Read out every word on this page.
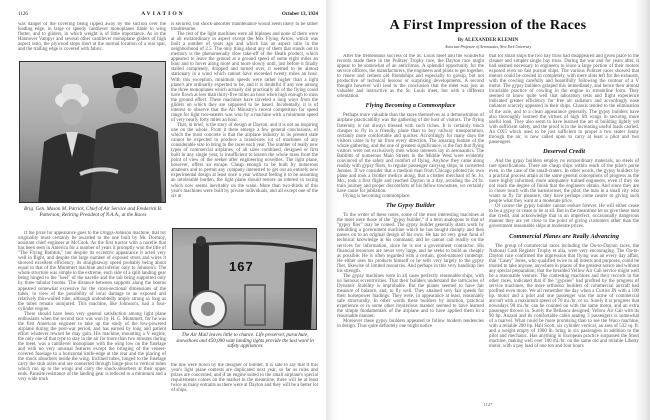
1126	AVIATION	October 13, 1924

was danger of the covering being ripped away by the suction over the leading edge, in large or speedy cantilever monoplanes liable to wing flutter, and to gliders, in which weight is of little importance. As in the Hannover Vampyr and several other cantilever monoplane gliders of high aspect ratio, the plywood stops short at the normal location of a rear spar, and the trailing edge is covered with fabric.

Brig. Gen. Mason M. Patrick, Chief of Air Service and Frederick B. Patterson, Retiring President of N.A.A., at the Races

If the prize for appearance goes to the Driggs-Johnson machine, that for originality must certainly be awarded to the one built by Mr. Dormoy, assistant chief engineer at McCook. As the first tractor with a nacelle that has been seen in America for a number of years it promptly won the title of "The Flying Bathtub," but despite its eccentric appearance it acted very well in flight, and despite the large number of exposed struts and wires it showed excellent efficiency, its straightaway speed probably being about equal to that of the Mummert machine and inferior only to Johnson's. The whole structure was simple in the extreme, each side of a split landing gear being hinged to the "keel" of the nacelle and the tail being supported only by three tubular booms. The distance between supports along the booms appeared somewhat excessive for the cross-sectional dimensions of the tubes, in view of the possibility of local damage to an exposed and relatively thin-walled tube, although undoubtedly amply strong so long as the tubes remain uninjured. This machine, like Johnson's, had a four-cylinder engine.

There should have been very general satisfaction among light plane enthusiasts when the second race was won by H. C. Mummert, for he was the first American engineer to take up the study of the low-powered airplane during the post-war period, and has earned by long and patient effort whatever reward he may gain. His machine, mounting a V engine, the only one of that type to stay in the air for more than two minutes during the meet, was a cantilever monoplane with the wing low on the fuselage and with no very unusual features except the bringing of the veneer-covered fuselage to a horizontal knife-edge at the rear and the placing of the shock absorbers inside the wing. Inclined tubes, hinged to the fuselage carry the stub axles and are connected through hinge-pins to vertical tubes which run up to the wings and carry the shock-absorbers at their upper ends. Parasite resistance of the landing gear is reduced to a minimum and a very wide track

is secured, but shock-absorber maintenance would seem likely to be rather troublesome.

The rest of the light machines were all biplanes and none of them were at all extraordinary in aspect except the Mix Flying Arrow, which was built a number of years ago and which has an aspect ratio in the neighborhood of 2.5. The only thing about any of them that stands out in memory is the phenomenally slow take-off of the Heath product, which appeared to leave the ground at a ground speed of some eight miles an hour and to hover along more and more slowly until, just before it finally stalled completely, dropped and turned over, it seemed to be almost stationary in a wind which cannot have exceeded twenty miles an hour. With this exception, minimum speeds were rather higher than a light plane's are ordinarily expected to be, and it is doubtful if any one among the three monoplanes which actually did practically all of the flying could have flown at less than thirty-five miles an hour when high enough to miss the ground effect. These machines have traveled a long ways from the gliders on which they are supposed to be based. Incidentally, it is of interest to observe that the Air Ministry's recent competition for speed range for light two-seaters was won by a machine with a minimum speed of very nearly forty miles an hour.

That, in brief, is the story of design at Dayton, and it is not an inspiring one on the whole. From it there emerge a few general conclusions, of which the most concrete is that the airplane industry in its present state cannot be expected to produce a brand-new lot of machines of any considerable size to bring to the races each year. The number of really new types of commercial airplanes, of all sizes combined, designed or first built in any single year, is insufficient to leaven the whole mass from the point of view of the seeker after engineering novelties. The light plane, however, offers an escape. Cheap enough to be built by numerous amateurs and to permit any company interested to get out an entirely new experimental design at least once a year without feeling it to be assuming an intolerable burden, the light plane should restore an interest in racing which now seems inevitably on the wane. More than two-thirds of this year's machines were built by private individuals, and all except one of the six at

167
The Air Mail leaves little to chance. Life preserver, parachute, snowshoes and 450,000 watt landing lights provide the last word in safety appliances

the line were flown by the designer or builder. It is safe to say that if this year's light plane contests are duplicated next year, so far as rules and prizes are concerned, and if an engine suited to the small airplane's special requirements comes on the market in the meantime, there will be at least twice as many entrants as there were at Dayton and they will be a better lot of ships.

A First Impression of the Races
By ALEXANDER KLEMIN
Associate Professor of Aeronautics, New York University

After the tremendous success of the St. Louis meet and the wonderful records made there in the Pulitzer Trophy race, the Dayton race might appear to be somewhat of an anticlimax. A splendid opportunity for the service officers, the manufacturers, the engineers and pilots to get together, to renew and cement old friendships and especially to gossip, but not productive of technical lessons or surprising developments. A second thought however will lead to the conclusion that the meet was just as valuable and instructive as the St. Louis meet, but with a different orientation.

Flying Becoming a Commonplace

Perhaps more valuable than the races themselves as a demonstration of airplane practicability was the gathering of the host of visitors. The flying fraternity is not always blessed with such riches. It is certainly much cheaper to fly in a friendly plane than to buy railway transportation, certainly more comfortable and quicker. Accordingly for many days the visitors came in by air from every direction. The amazing feature of the whole gathering, and the one of greatest significance, is the fact that flying visitors were not exclusively men whose interests lay in aeronautics. The Babbitts of numerous Main Streets in the Middle West were evidently convinced of the safety and comfort of flying. Anyhow they came along readily with gypsy fliers, in regular passenger carrying ships, in converted Jennies. If we consider that a medical man from Chicago piloted his own plane and took a brother medico along, that a clothes merchant of St. Jo, Mo., took a first flight and reached Dayton in a day, avoiding the 24 hr. train journey and proper discomforts of his fellow townsmen, we certainly have cause for jubilation.

Flying is becoming commonplace.

The Gypsy Builder

To the writer of these notes, some of the most interesting machines at the meet were those of the "gypsy builder," if a term analogous to that of "gypsy flier" may be coined. The gypsy builder generally starts work by rebuilding a government machine which he has bought cheaply and then passes on to an original design of his own. He has no very great fund of technical knowledge at his command, and he cannot call readily on the services for information, since he is not a government contractor. His financial resources are never very large, and he seeks to build as cheaply as possible. He is often regarded with a certain, good-natured contempt. He either uses his products himself or he sells very largely to the gypsy flier, likewise of limited resources. And perhaps in this very handicap lies his strength.

The gypsy machines were in all cases perfectly reasonable ships, with no heinous eccentricities. That their builders understand the intricacies of Dynamic Stability is improbable. But the planes seemed to have fair measure of balance, and, to fly well. They attained very fair speeds for their horsepower loadings. They were, in appearance at least, reasonably safe structurally. In other words these builders by intuition, practical experience or in some other mysterious manner seemed to have learned the simple fundamentals of the airplane and to have applied them in a reasonable manner.

Moreover these gypsy builders appeared to follow modern tendencies in design. Thus quite definitely one might notice

that for small ships the two bay truss had disappeared and given place to the cleaner and simpler single bay truss. During the war and for years after, it had seemed necessary to engineers to leave a large portion of their motors exposed even on fast pursuit ships. The various Pulitzer races showed that motors could be cowled in completely, with mere slots left for the exhausts, with the cowling carefully and beautifully following the contour of a V motor. The gypsy builders grasped this immediately, and hence their almost invariable practice of cowling in the engine in streamline form. They seemed to know quite well that laboratory tests and flight experience indicated greater efficiency for free air radiators and accordingly nose radiators scarcely appeared in their ships. Chassis tended to the elimination of the axle, and to a clean appearance generally. The gypsy builders have also thoroughly learned the virtues of high lift wings in securing more useful load. They also seem to have learned the art of building lightly yet with sufficient safety, and the proof is in the increasing useful loads carried. An OX5 which used to be just sufficient to propel a two seater Jenny through the air, is now called upon to carry at least a pilot and two passengers.

Deserved Credit

And the gypsy builders employ no extraordinary materials, no steels of rare specifications. There are cheap ships within reach of the pilot's purse even, in the case of the small-craters. In other words, the gypsy builders by a practical process attain at the same general conceptions of progress as the more highly informed, more adequately trained engineers, even if they do not reach the degree of finish that the engineers obtain. And since they are in closer touch with the barnstormer, the pilot, the man in a small city who wants to fly for pleasure, they have perhaps come nearer to giving such people what they want at a moderate price.

Of course the gypsy builder cannot endure forever. He will either cease to be a gypsy or cease to be at all. But in the meantime let us give these men due credit, and acknowledge that in an imperfect, occasionally dangerous manner they are yet close to the point of giving customers other than the government reasonable ships at moderate prices.

Commercial Planes are Really Advancing

The group of commercial races including the On-to-Dayton races, the National Cash Register Trophy et alia, were very encouraging. The On-to-Dayton race confirmed the impression that flying was an every day affair, that "Casey" Jones, who qualified twice to all intents and purposes, could be trusted to take anyone, anywhere in places of the greatest notice and without any special preparation; that the heralded Yellow Air Cab service might well be a reasonable venture. The contesting machines and their records in the other races, indicated that if the "gypsies" had profited by the progress of service machines, the more orthodox builders of commercial aircraft had profited even more. We all remember the day when a Curtiss JN with a 100 hp. motor and a pilot and one passenger was the acme of commercial aircraft with a maximum speed of 70 mi./hr. or so. Surely it is progress that nowadays 90 mi./hr. can be counted on with the same motor, and an extra passenger thrown in. Surely the Bellanca designed, Yellow Air Cab with its 90 hp. Anzani and its comfortable cabin seating 3 passengers is somewhat of a marvel. What could be more promising than to see the Waco machine, with a reliable 200 hp. Hall Scott, six cylinder vertical, an area of 532 sq. ft. and a weight empty of 1900 lb. bring in six passengers in addition to the pilot and mechanic. Has anything in European practice surpassed the Stout machine, making well over 100 mi./hr. on the same old and reliable Liberty motor, with a pay load of one ton and four hours

1127
